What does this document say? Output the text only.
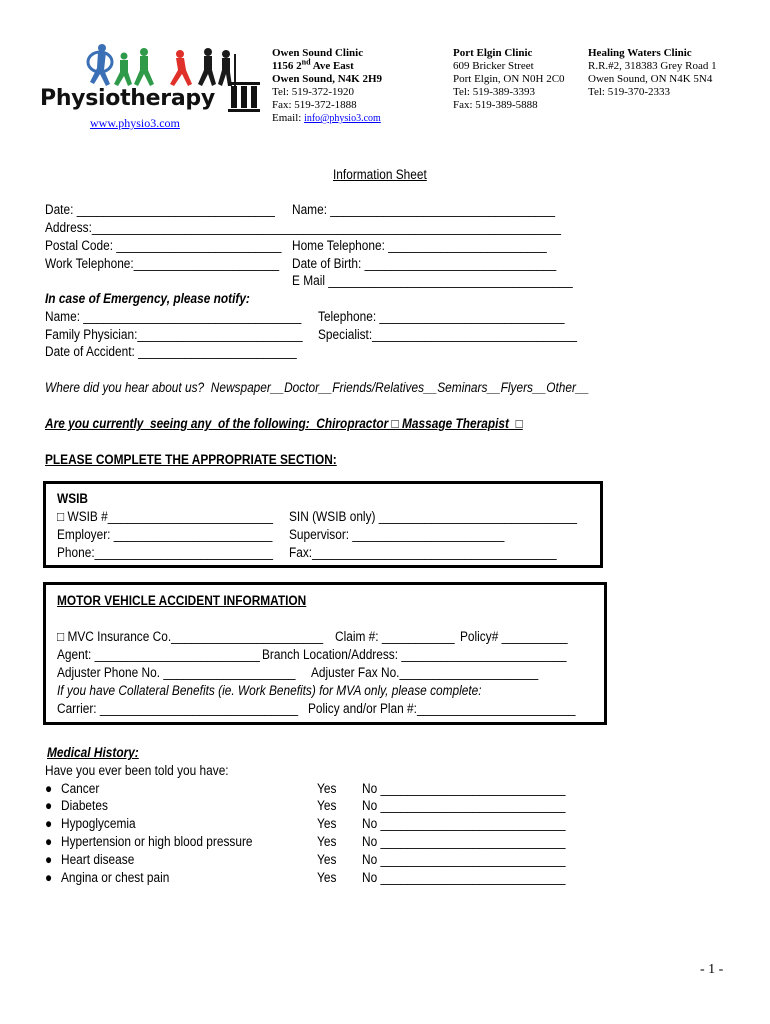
Physiotherapy
www.physio3.com
Owen Sound Clinic
1156 2nd Ave East
Owen Sound, N4K 2H9
Tel: 519-372-1920
Fax: 519-372-1888
Email: info@physio3.com
Port Elgin Clinic
609 Bricker Street
Port Elgin, ON N0H 2C0
Tel: 519-389-3393
Fax: 519-389-5888
Healing Waters Clinic
R.R.#2, 318383 Grey Road 1
Owen Sound, ON N4K 5N4
Tel: 519-370-2333
Information Sheet
Date: ______________________________ Name: __________________________________
Address:_______________________________________________________________________
Postal Code: _________________________ Home Telephone: ________________________
Work Telephone:______________________ Date of Birth: _____________________________
E Mail _____________________________________
In case of Emergency, please notify:
Name: _________________________________ Telephone: ____________________________
Family Physician:_________________________ Specialist:_______________________________
Date of Accident: ________________________
Where did you hear about us?  Newspaper__Doctor__Friends/Relatives__Seminars__Flyers__Other__
Are you currently  seeing any  of the following:  Chiropractor □ Massage Therapist  □
PLEASE COMPLETE THE APPROPRIATE SECTION:
WSIB
□ WSIB #_________________________ SIN (WSIB only) ______________________________
Employer: ________________________ Supervisor: _______________________
Phone:___________________________ Fax:_____________________________________
MOTOR VEHICLE ACCIDENT INFORMATION
□ MVC Insurance Co._______________________ Claim #: ___________ Policy# __________
Agent: _________________________ Branch Location/Address: _________________________
Adjuster Phone No. ____________________ Adjuster Fax No._____________________
If you have Collateral Benefits (ie. Work Benefits) for MVA only, please complete:
Carrier: ______________________________ Policy and/or Plan #:________________________
Medical History:
Have you ever been told you have:
● Cancer	Yes No ____________________________
● Diabetes	Yes No ____________________________
● Hypoglycemia	Yes No ____________________________
● Hypertension or high blood pressure	Yes No ____________________________
● Heart disease	Yes No ____________________________
● Angina or chest pain	Yes No ____________________________
- 1 -
